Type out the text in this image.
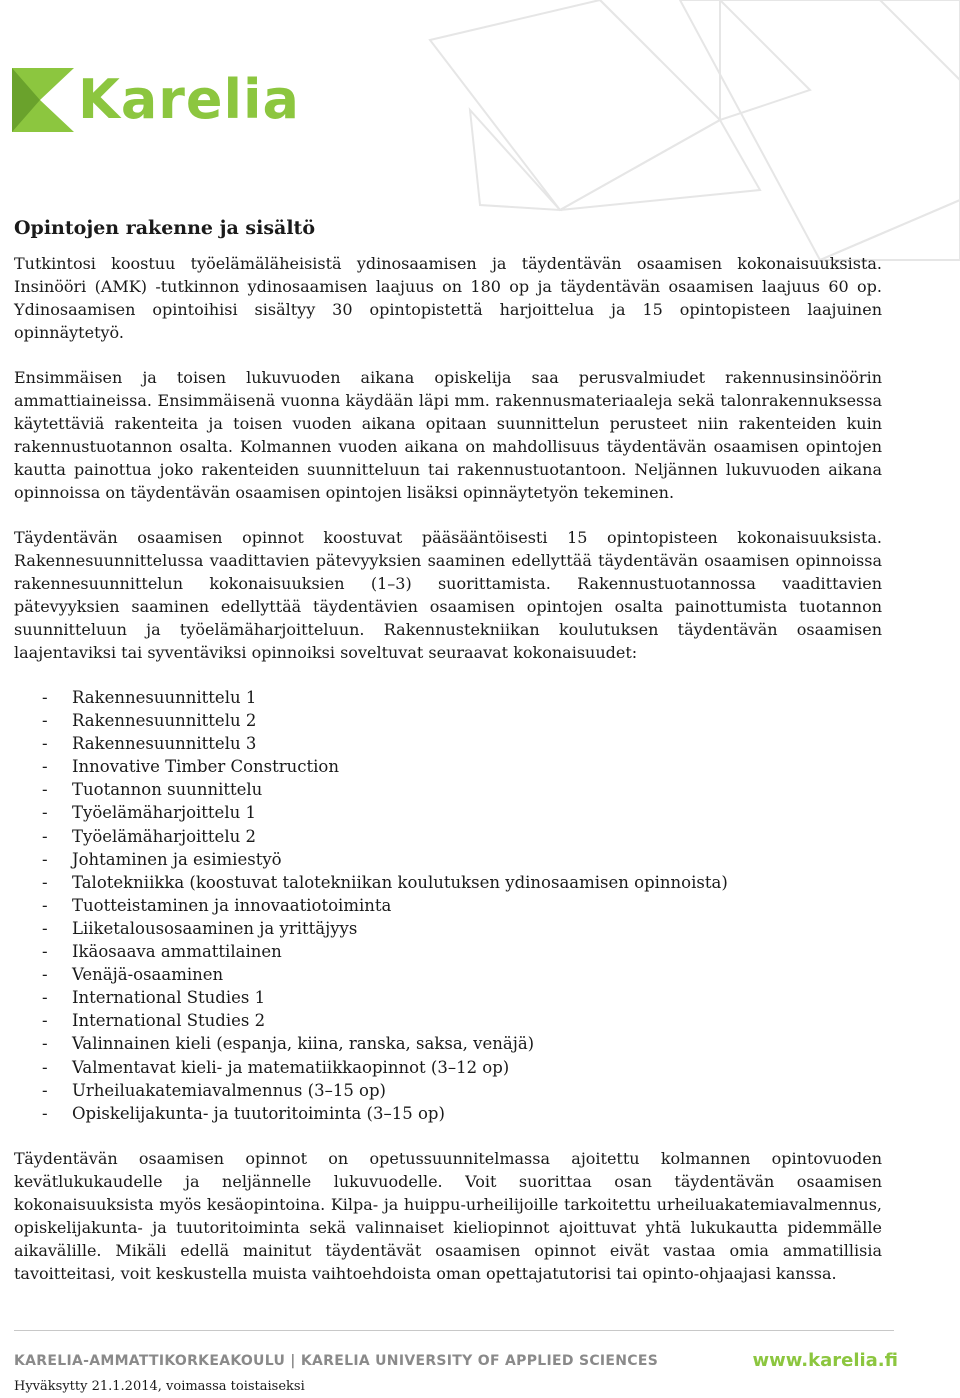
Karelia
Opintojen rakenne ja sisältö

Tutkintosi koostuu työelämäläheisistä ydinosaamisen ja täydentävän osaamisen kokonaisuuksista. Insinööri (AMK) -tutkinnon ydinosaamisen laajuus on 180 op ja täydentävän osaamisen laajuus 60 op. Ydinosaamisen opintoihisi sisältyy 30 opintopistettä harjoittelua ja 15 opintopisteen laajuinen opinnäytetyö.

Ensimmäisen ja toisen lukuvuoden aikana opiskelija saa perusvalmiudet rakennusinsinöörin ammattiaineissa. Ensimmäisenä vuonna käydään läpi mm. rakennusmateriaaleja sekä talonrakennuksessa käytettäviä rakenteita ja toisen vuoden aikana opitaan suunnittelun perusteet niin rakenteiden kuin rakennustuotannon osalta. Kolmannen vuoden aikana on mahdollisuus täydentävän osaamisen opintojen kautta painottua joko rakenteiden suunnitteluun tai rakennustuotantoon. Neljännen lukuvuoden aikana opinnoissa on täydentävän osaamisen opintojen lisäksi opinnäytetyön tekeminen.

Täydentävän osaamisen opinnot koostuvat pääsääntöisesti 15 opintopisteen kokonaisuuksista. Rakennesuunnittelussa vaadittavien pätevyyksien saaminen edellyttää täydentävän osaamisen opinnoissa rakennesuunnittelun kokonaisuuksien (1–3) suorittamista. Rakennustuotannossa vaadittavien pätevyyksien saaminen edellyttää täydentävien osaamisen opintojen osalta painottumista tuotannon suunnitteluun ja työelämäharjoitteluun. Rakennustekniikan koulutuksen täydentävän osaamisen laajentaviksi tai syventäviksi opinnoiksi soveltuvat seuraavat kokonaisuudet:

-	Rakennesuunnittelu 1
-	Rakennesuunnittelu 2
-	Rakennesuunnittelu 3
-	Innovative Timber Construction
-	Tuotannon suunnittelu
-	Työelämäharjoittelu 1
-	Työelämäharjoittelu 2
-	Johtaminen ja esimiestyö
-	Talotekniikka (koostuvat talotekniikan koulutuksen ydinosaamisen opinnoista)
-	Tuotteistaminen ja innovaatiotoiminta
-	Liiketalousosaaminen ja yrittäjyys
-	Ikäosaava ammattilainen
-	Venäjä-osaaminen
-	International Studies 1
-	International Studies 2
-	Valinnainen kieli (espanja, kiina, ranska, saksa, venäjä)
-	Valmentavat kieli- ja matematiikkaopinnot (3–12 op)
-	Urheiluakatemiavalmennus (3–15 op)
-	Opiskelijakunta- ja tuutoritoiminta (3–15 op)

Täydentävän osaamisen opinnot on opetussuunnitelmassa ajoitettu kolmannen opintovuoden kevätlukukaudelle ja neljännelle lukuvuodelle. Voit suorittaa osan täydentävän osaamisen kokonaisuuksista myös kesäopintoina. Kilpa- ja huippu-urheilijoille tarkoitettu urheiluakatemiavalmennus, opiskelijakunta- ja tuutoritoiminta sekä valinnaiset kieliopinnot ajoittuvat yhtä lukukautta pidemmälle aikavälille. Mikäli edellä mainitut täydentävät osaamisen opinnot eivät vastaa omia ammatillisia tavoitteitasi, voit keskustella muista vaihtoehdoista oman opettajatutorisi tai opinto-ohjaajasi kanssa.

KARELIA-AMMATTIKORKEAKOULU | KARELIA UNIVERSITY OF APPLIED SCIENCES	www.karelia.fi
Hyväksytty 21.1.2014, voimassa toistaiseksi
